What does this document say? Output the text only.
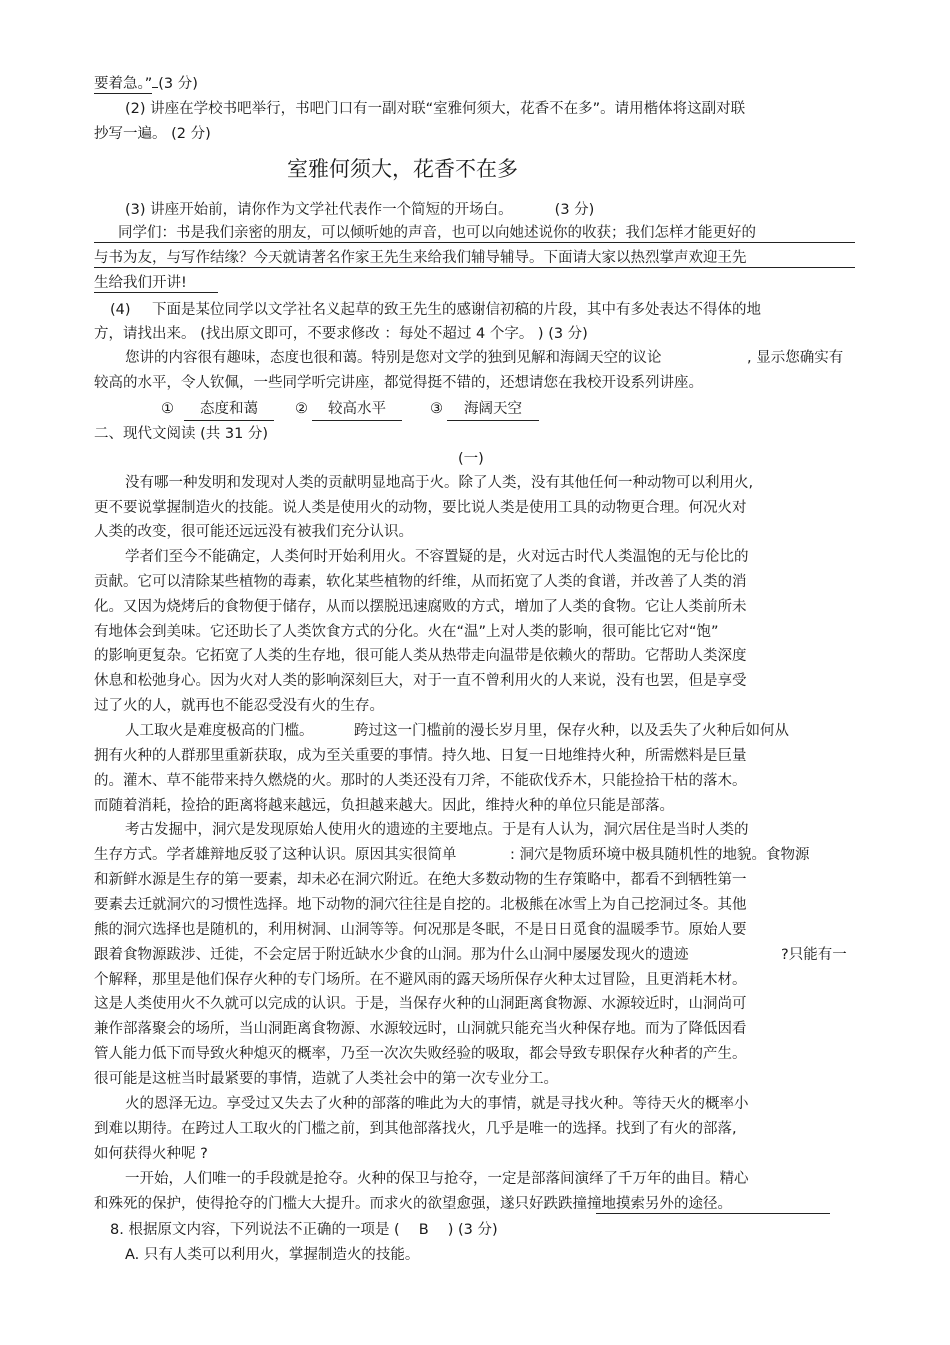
要着急。” (3 分)
(2) 讲座在学校书吧举行，书吧门口有一副对联“室雅何须大，花香不在多”。请用楷体将这副对联
抄写一遍。 (2 分)
室雅何须大，花香不在多
(3) 讲座开始前，请你作为文学社代表作一个简短的开场白。	(3 分)
同学们：书是我们亲密的朋友，可以倾听她的声音，也可以向她述说你的收获；我们怎样才能更好的
与书为友，与写作结缘？今天就请著名作家王先生来给我们辅导辅导。下面请大家以热烈掌声欢迎王先
生给我们开讲!
(4) 下面是某位同学以文学社名义起草的致王先生的感谢信初稿的片段，其中有多处表达不得体的地
方，请找出来。 (找出原文即可，不要求修改 ：每处不超过 4 个字。 ) (3 分)
您讲的内容很有趣味，态度也很和蔼。特别是您对文学的独到见解和海阔天空的议论	, 显示您确实有
较高的水平，令人钦佩，一些同学听完讲座，都觉得挺不错的，还想请您在我校开设系列讲座。
① 态度和蔼	② 较高水平	③ 海阔天空
二、现代文阅读 (共 31 分)
(一)
没有哪一种发明和发现对人类的贡献明显地高于火。除了人类，没有其他任何一种动物可以利用火,
更不要说掌握制造火的技能。说人类是使用火的动物，要比说人类是使用工具的动物更合理。何况火对
人类的改变，很可能还远远没有被我们充分认识。
学者们至今不能确定，人类何时开始利用火。不容置疑的是，火对远古时代人类温饱的无与伦比的
贡献。它可以清除某些植物的毒素，软化某些植物的纤维，从而拓宽了人类的食谱，并改善了人类的消
化。又因为烧烤后的食物便于储存，从而以摆脱迅速腐败的方式，增加了人类的食物。它让人类前所未
有地体会到美味。它还助长了人类饮食方式的分化。火在“温”上对人类的影响，很可能比它对“饱”
的影响更复杂。它拓宽了人类的生存地，很可能人类从热带走向温带是依赖火的帮助。它帮助人类深度
休息和松弛身心。因为火对人类的影响深刻巨大，对于一直不曾利用火的人来说，没有也罢，但是享受
过了火的人，就再也不能忍受没有火的生存。
人工取火是难度极高的门槛。	跨过这一门槛前的漫长岁月里，保存火种，以及丢失了火种后如何从
拥有火种的人群那里重新获取，成为至关重要的事情。持久地、日复一日地维持火种，所需燃料是巨量
的。灌木、草不能带来持久燃烧的火。那时的人类还没有刀斧，不能砍伐乔木，只能捡拾干枯的落木。
而随着消耗，捡拾的距离将越来越远，负担越来越大。因此，维持火种的单位只能是部落。
考古发掘中，洞穴是发现原始人使用火的遗迹的主要地点。于是有人认为，洞穴居住是当时人类的
生存方式。学者雄辩地反驳了这种认识。原因其实很简单	: 洞穴是物质环境中极具随机性的地貌。食物源
和新鲜水源是生存的第一要素，却未必在洞穴附近。在绝大多数动物的生存策略中，都看不到牺牲第一
要素去迁就洞穴的习惯性选择。地下动物的洞穴往往是自挖的。北极熊在冰雪上为自己挖洞过冬。其他
熊的洞穴选择也是随机的，利用树洞、山洞等等。何况那是冬眠，不是日日觅食的温暖季节。原始人要
跟着食物源跋涉、迁徙，不会定居于附近缺水少食的山洞。那为什么山洞中屡屡发现火的遗迹	?只能有一
个解释，那里是他们保存火种的专门场所。在不避风雨的露天场所保存火种太过冒险，且更消耗木材。
这是人类使用火不久就可以完成的认识。于是，当保存火种的山洞距离食物源、水源较近时，山洞尚可
兼作部落聚会的场所，当山洞距离食物源、水源较远时，山洞就只能充当火种保存地。而为了降低因看
管人能力低下而导致火种熄灭的概率，乃至一次次失败经验的吸取，都会导致专职保存火种者的产生。
很可能是这桩当时最紧要的事情，造就了人类社会中的第一次专业分工。
火的恩泽无边。享受过又失去了火种的部落的唯此为大的事情，就是寻找火种。等待天火的概率小
到难以期待。在跨过人工取火的门槛之前，到其他部落找火，几乎是唯一的选择。找到了有火的部落,
如何获得火种呢 ?
一开始，人们唯一的手段就是抢夺。火种的保卫与抢夺，一定是部落间演绎了千万年的曲目。精心
和殊死的保护，使得抢夺的门槛大大提升。而求火的欲望愈强，遂只好跌跌撞撞地摸索另外的途径。
8. 根据原文内容，下列说法不正确的一项是 ( B ) (3 分)
A. 只有人类可以利用火，掌握制造火的技能。
